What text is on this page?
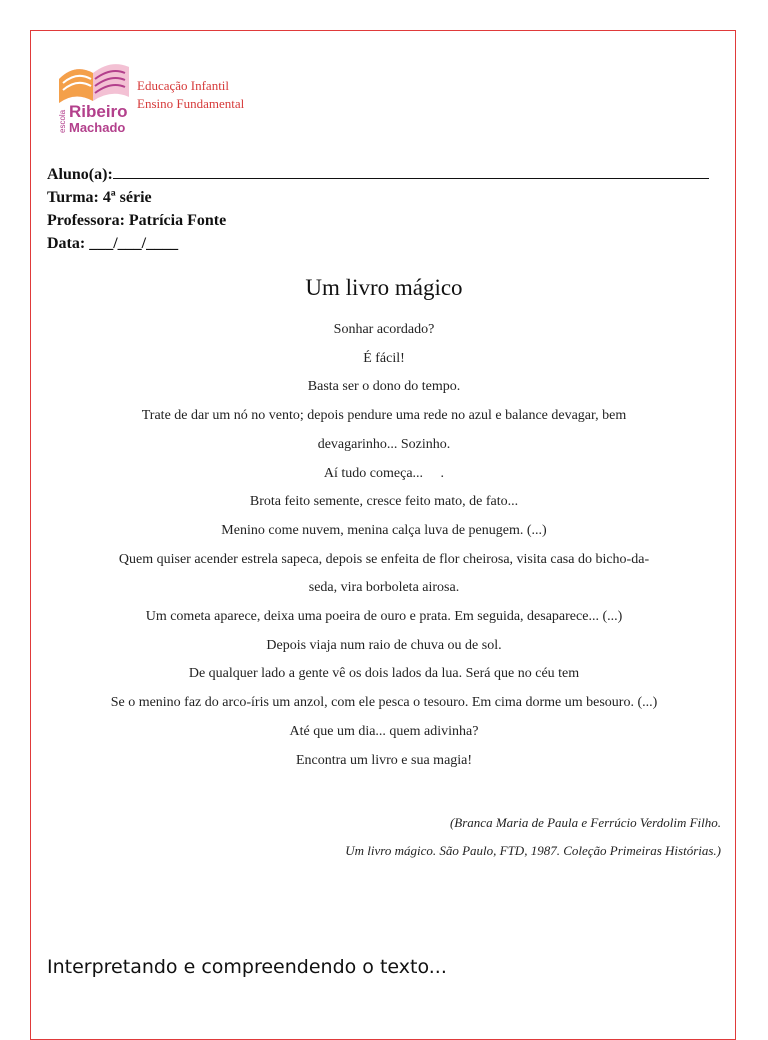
escola Ribeiro
Machado
Educação Infantil
Ensino Fundamental
Aluno(a):
Turma: 4ª série
Professora: Patrícia Fonte
Data: ___/___/____
Um livro mágico
Sonhar acordado?
É fácil!
Basta ser o dono do tempo.
Trate de dar um nó no vento; depois pendure uma rede no azul e balance devagar, bem
devagarinho... Sozinho.
Aí tudo começa...     .
Brota feito semente, cresce feito mato, de fato...
Menino come nuvem, menina calça luva de penugem. (...)
Quem quiser acender estrela sapeca, depois se enfeita de flor cheirosa, visita casa do bicho-da-
seda, vira borboleta airosa.
Um cometa aparece, deixa uma poeira de ouro e prata. Em seguida, desaparece... (...)
Depois viaja num raio de chuva ou de sol.
De qualquer lado a gente vê os dois lados da lua. Será que no céu tem
Se o menino faz do arco-íris um anzol, com ele pesca o tesouro. Em cima dorme um besouro. (...)
Até que um dia... quem adivinha?
Encontra um livro e sua magia!
(Branca Maria de Paula e Ferrúcio Verdolim Filho.
Um livro mágico. São Paulo, FTD, 1987. Coleção Primeiras Histórias.)
Interpretando e compreendendo o texto...
